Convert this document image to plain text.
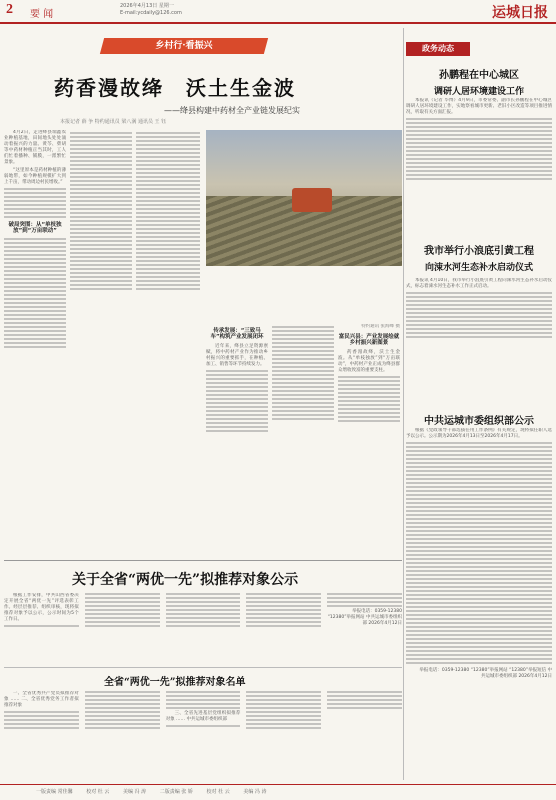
2 要 闻
2026年4月13日 星期一
E-mail:ycdaily@126.com	运城日报
乡村行·看振兴
药香漫故绛　沃土生金波
——绛县构建中药材全产业链发展纪实
本报记者 薛 争 特约通讯员 梁八满 通讯员 王 钰

4月2日，走进绛县瑞鑫农业种植基地，田间地头处处涌动着振兴的力量。黄芩、柴胡等中药材种植正当其时，工人们忙着播种、铺膜，一派繁忙景象。

“这里原本是药材种植的薄弱地带，如今种植规模扩大到上千亩，带动周边村民增收。”

破局突围：从“单枝独放”到“万亩联动”
传承发展：“三致马车”构筑产业发展闭环

近年来，绛县立足资源禀赋，将中药材产业作为推动乡村振兴的重要抓手，在种植、加工、销售等环节持续发力。

特约通讯 张海峰 摄
富民兴县：产业发展绘就乡村振兴新图景

药香漫故绛，沃土生金波。从“单枝独放”到“万亩联动”，中药材产业正成为绛县群众增收致富的重要支柱。

政务动态
孙鹏程在中心城区
调研人居环境建设工作

本报讯（记者 毕博）4月9日，市委常委、副市长孙鹏程在中心城区调研人居环境建设工作，实地察看城市更新、老旧小区改造等项目推进情况，听取有关方面汇报。

我市举行小浪底引黄工程
向涑水河生态补水启动仪式

本报讯 4月10日，我市举行小浪底引黄工程向涑水河生态补水启动仪式，标志着涑水河生态补水工作正式启动。

中共运城市委组织部公示

根据《党政领导干部选拔任用工作条例》有关规定，现将拟任职人选予以公示。公示期为2026年4月13日至2026年4月17日。

举报电话：0359-12380 “12380”举报网站 “12380”举报短信 中共运城市委组织部 2026年4月12日

关于全省“两优一先”拟推荐对象公示

根据工作安排，中共山西省委决定开展全省“两优一先”评选表彰工作。经层层推荐、组织审核，现将拟推荐对象予以公示，公示时间为5个工作日。

举报电话：0359-12380 “12380”举报网站 中共运城市委组织部 2026年4月12日

全省“两优一先”拟推荐对象名单

一、全省优秀共产党员拟推荐对象 …… 二、全省优秀党务工作者拟推荐对象

三、全省先进基层党组织拟推荐对象 …… 中共运城市委组织部

一版责编 常佳馨	校对 杜 云	美编 冯 涛	二版责编 张 娇	校对 杜 云	美编 冯 涛
